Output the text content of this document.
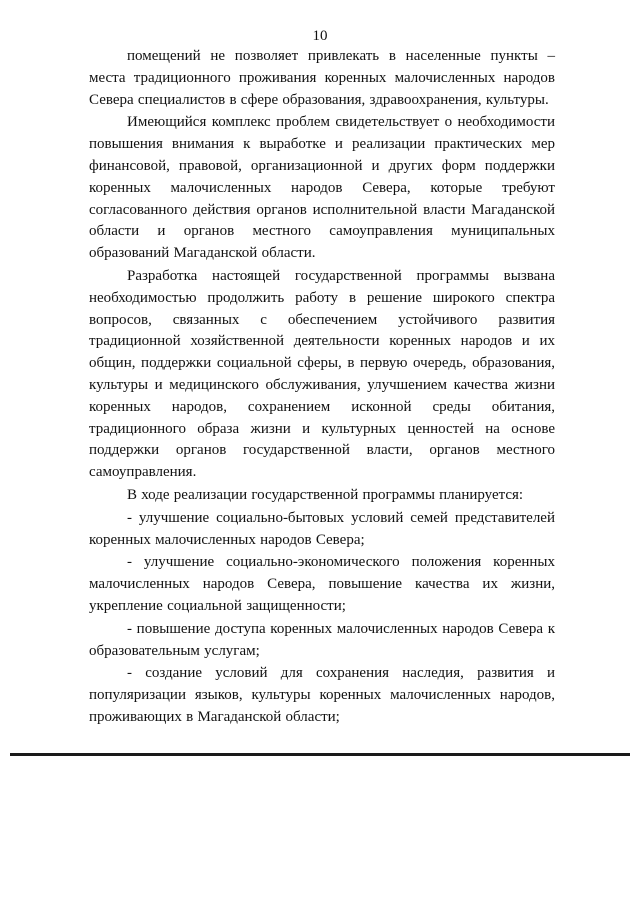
10

помещений не позволяет привлекать в населенные пункты – места традиционного проживания коренных малочисленных народов Севера специалистов в сфере образования, здравоохранения, культуры.

Имеющийся комплекс проблем свидетельствует о необходимости повышения внимания к выработке и реализации практических мер финансовой, правовой, организационной и других форм поддержки коренных малочисленных народов Севера, которые требуют согласованного действия органов исполнительной власти Магаданской области и органов местного самоуправления муниципальных образований Магаданской области.

Разработка настоящей государственной программы вызвана необходимостью продолжить работу в решение широкого спектра вопросов, связанных с обеспечением устойчивого развития традиционной хозяйственной деятельности коренных народов и их общин, поддержки социальной сферы, в первую очередь, образования, культуры и медицинского обслуживания, улучшением качества жизни коренных народов, сохранением исконной среды обитания, традиционного образа жизни и культурных ценностей на основе поддержки органов государственной власти, органов местного самоуправления.

В ходе реализации государственной программы планируется:

- улучшение социально-бытовых условий семей представителей коренных малочисленных народов Севера;

- улучшение социально-экономического положения коренных малочисленных народов Севера, повышение качества их жизни, укрепление социальной защищенности;

- повышение доступа коренных малочисленных народов Севера к образовательным услугам;

- создание условий для сохранения наследия, развития и популяризации языков, культуры коренных малочисленных народов, проживающих в Магаданской области;
